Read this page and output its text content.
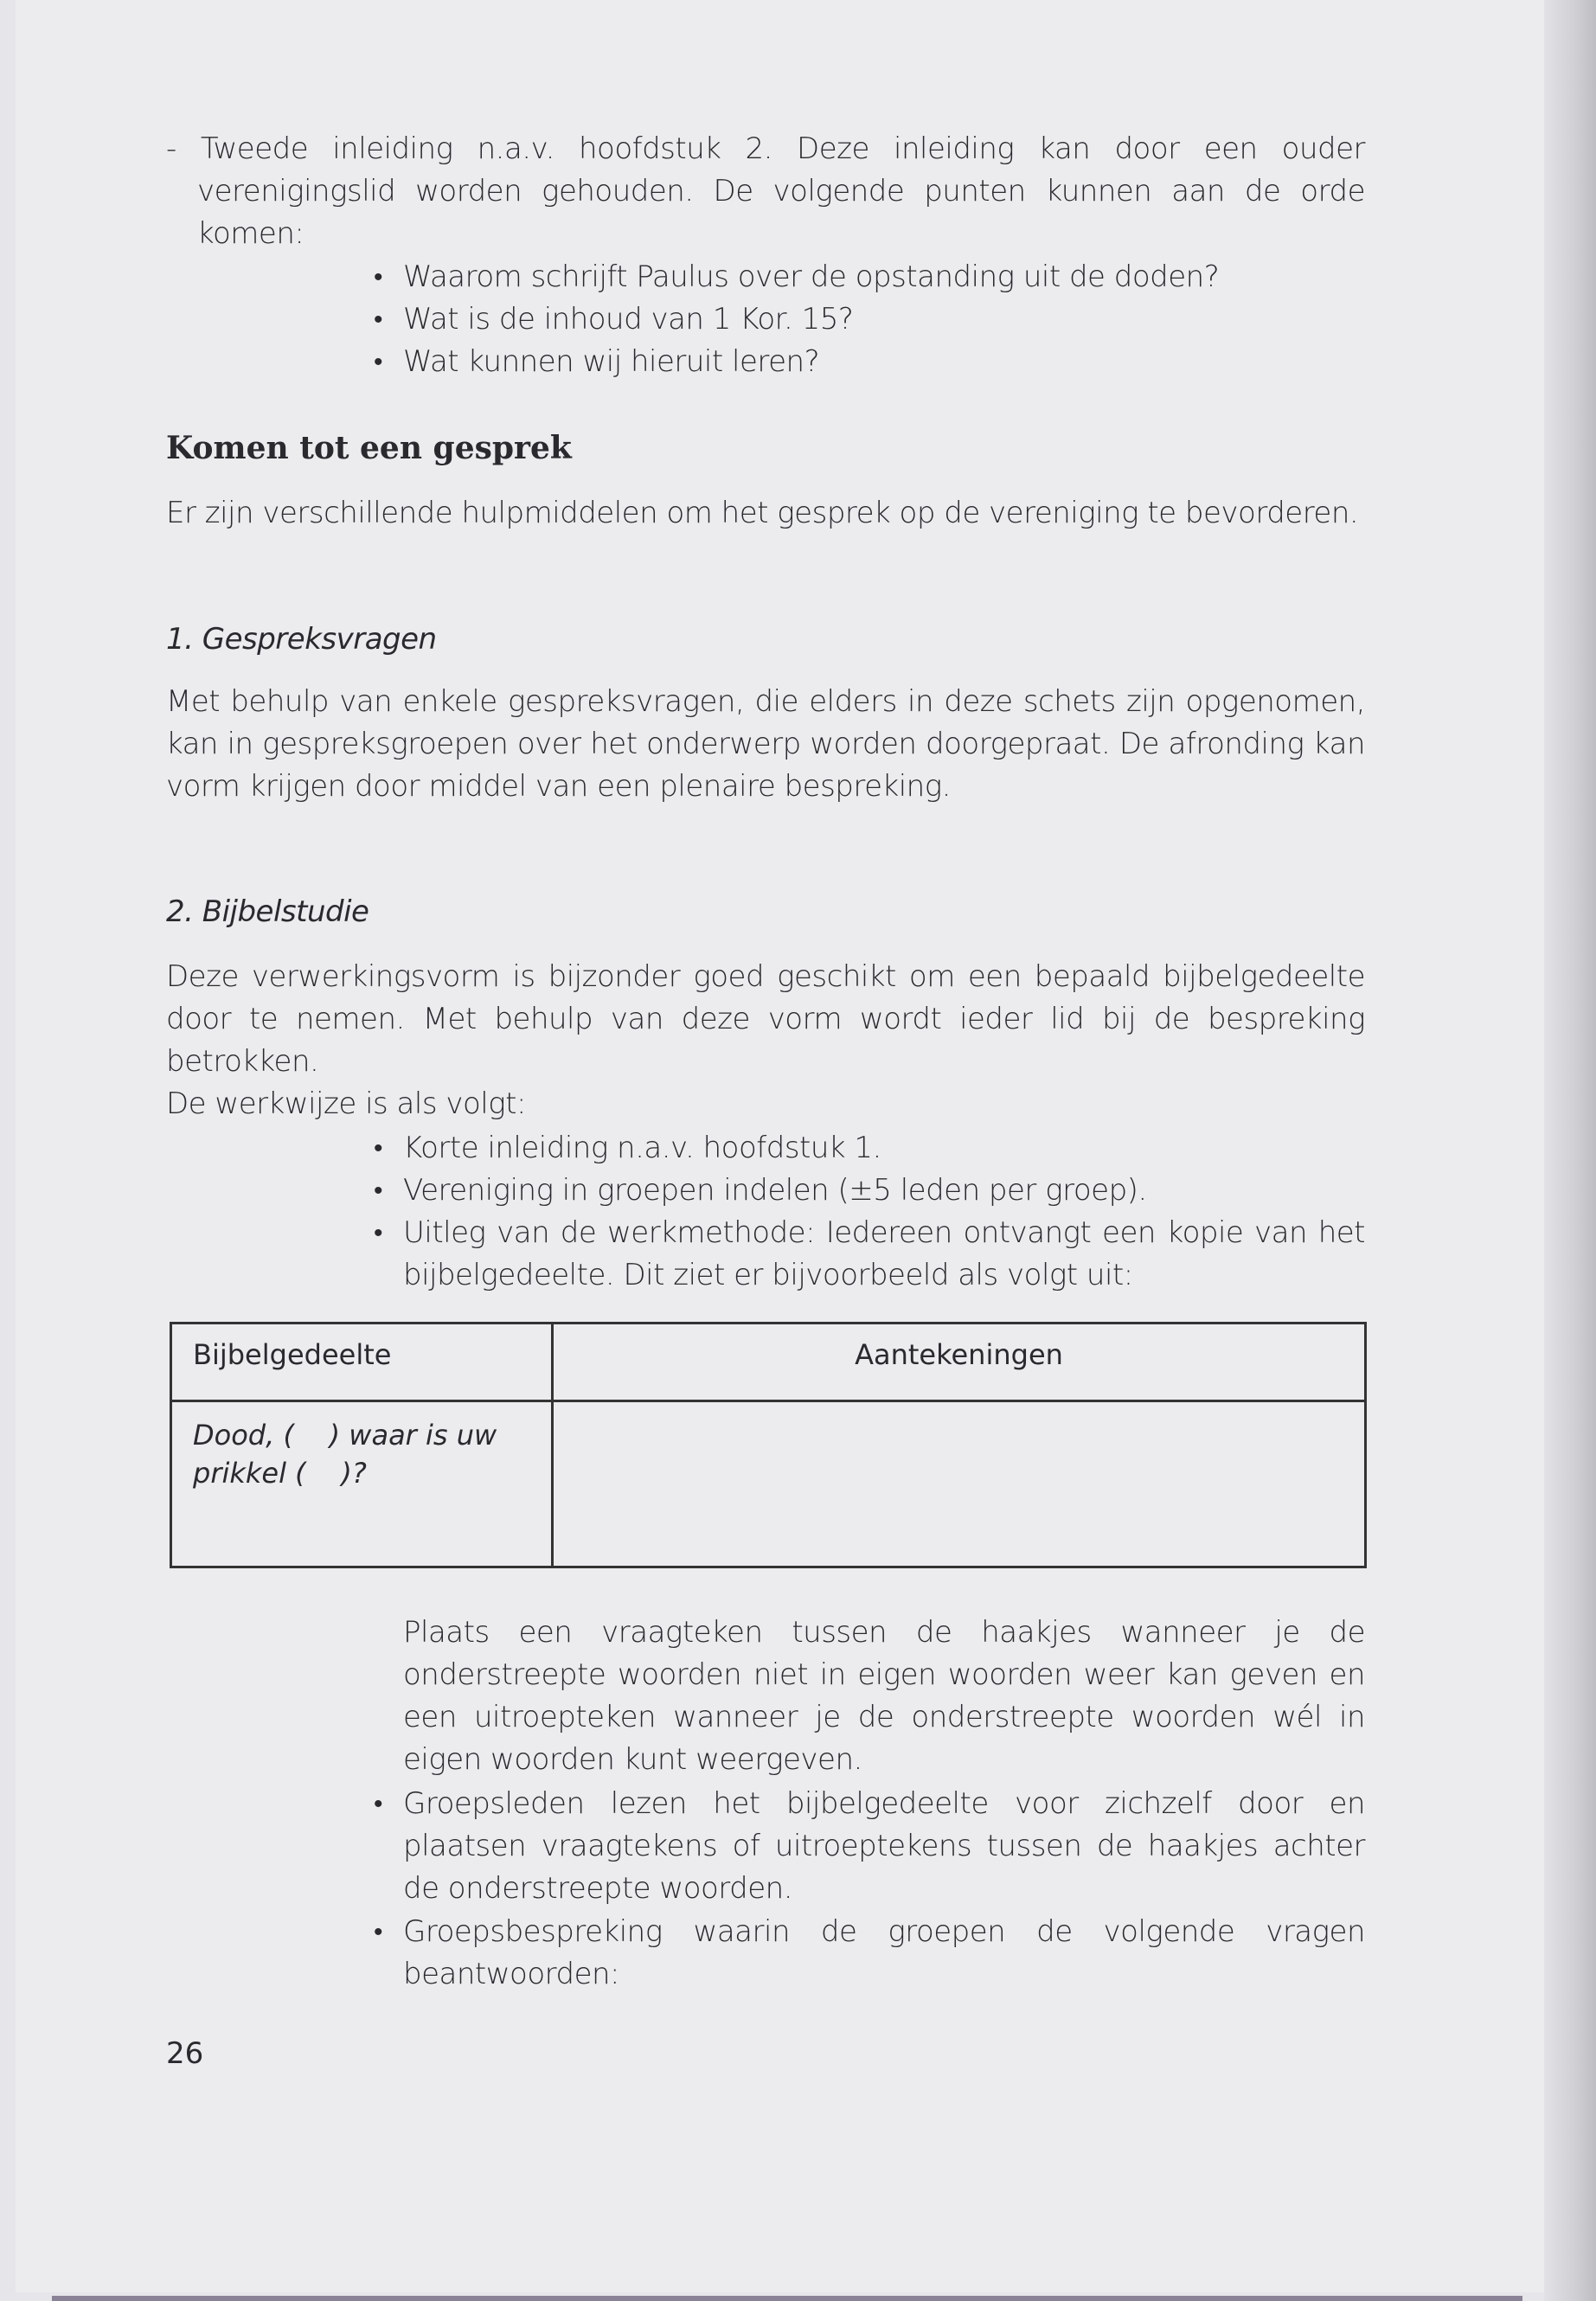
- Tweede inleiding n.a.v. hoofdstuk 2. Deze inleiding kan door een ouder verenigingslid worden gehouden. De volgende punten kunnen aan de orde komen:
• Waarom schrijft Paulus over de opstanding uit de doden?
• Wat is de inhoud van 1 Kor. 15?
• Wat kunnen wij hieruit leren?
Komen tot een gesprek
Er zijn verschillende hulpmiddelen om het gesprek op de vereniging te bevorderen.
1. Gespreksvragen
Met behulp van enkele gespreksvragen, die elders in deze schets zijn opgenomen, kan in gespreksgroepen over het onderwerp worden doorgepraat. De afronding kan vorm krijgen door middel van een plenaire bespreking.
2. Bijbelstudie
Deze verwerkingsvorm is bijzonder goed geschikt om een bepaald bijbelgedeelte door te nemen. Met behulp van deze vorm wordt ieder lid bij de bespreking betrokken.
De werkwijze is als volgt:
• Korte inleiding n.a.v. hoofdstuk 1.
• Vereniging in groepen indelen (±5 leden per groep).
• Uitleg van de werkmethode: Iedereen ontvangt een kopie van het bijbelgedeelte. Dit ziet er bijvoorbeeld als volgt uit:
Bijbelgedeelte	Aantekeningen
Dood, (    ) waar is uw prikkel (    )?	
Plaats een vraagteken tussen de haakjes wanneer je de onderstreepte woorden niet in eigen woorden weer kan geven en een uitroepteken wanneer je de onderstreepte woorden wél in eigen woorden kunt weergeven.
• Groepsleden lezen het bijbelgedeelte voor zichzelf door en plaatsen vraagtekens of uitroeptekens tussen de haakjes achter de onderstreepte woorden.
• Groepsbespreking waarin de groepen de volgende vragen beantwoorden:
26
